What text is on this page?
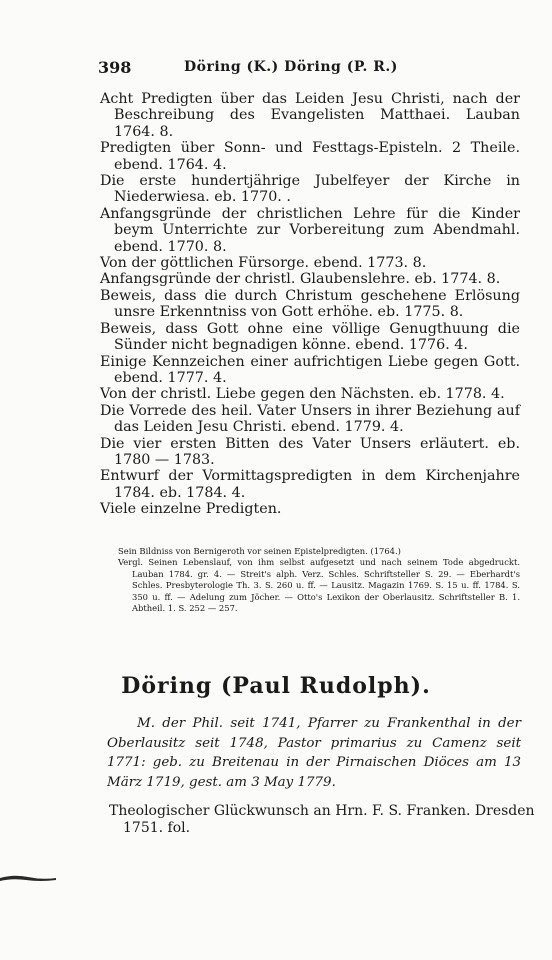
398	Döring (K.) Döring (P. R.)

Acht Predigten über das Leiden Jesu Christi, nach der Beschreibung des Evangelisten Matthaei. Lauban 1764. 8.

Predigten über Sonn- und Festtags-Episteln. 2 Theile. ebend. 1764. 4.

Die erste hundertjährige Jubelfeyer der Kirche in Niederwiesa. eb. 1770. .

Anfangsgründe der christlichen Lehre für die Kinder beym Unterrichte zur Vorbereitung zum Abendmahl. ebend. 1770. 8.

Von der göttlichen Fürsorge. ebend. 1773. 8.

Anfangsgründe der christl. Glaubenslehre. eb. 1774. 8.

Beweis, dass die durch Christum geschehene Erlösung unsre Erkenntniss von Gott erhöhe. eb. 1775. 8.

Beweis, dass Gott ohne eine völlige Genugthuung die Sünder nicht begnadigen könne. ebend. 1776. 4.

Einige Kennzeichen einer aufrichtigen Liebe gegen Gott. ebend. 1777. 4.

Von der christl. Liebe gegen den Nächsten. eb. 1778. 4.

Die Vorrede des heil. Vater Unsers in ihrer Beziehung auf das Leiden Jesu Christi. ebend. 1779. 4.

Die vier ersten Bitten des Vater Unsers erläutert. eb. 1780 — 1783.

Entwurf der Vormittagspredigten in dem Kirchenjahre 1784. eb. 1784. 4.

Viele einzelne Predigten.

Sein Bildniss von Bernigeroth vor seinen Epistelpredigten. (1764.)

Vergl. Seinen Lebenslauf, von ihm selbst aufgesetzt und nach seinem Tode abgedruckt. Lauban 1784. gr. 4. — Streit's alph. Verz. Schles. Schriftsteller S. 29. — Eberhardt's Schles. Presbyterologie Th. 3. S. 260 u. ff. — Lausitz. Magazin 1769. S. 15 u. ff. 1784. S. 350 u. ff. — Adelung zum Jöcher. — Otto's Lexikon der Oberlausitz. Schriftsteller B. 1. Abtheil. 1. S. 252 — 257.

Döring (Paul Rudolph).

M. der Phil. seit 1741, Pfarrer zu Frankenthal in der Oberlausitz seit 1748, Pastor primarius zu Camenz seit 1771: geb. zu Breitenau in der Pirnaischen Diöces am 13 März 1719, gest. am 3 May 1779.

Theologischer Glückwunsch an Hrn. F. S. Franken. Dresden 1751. fol.
